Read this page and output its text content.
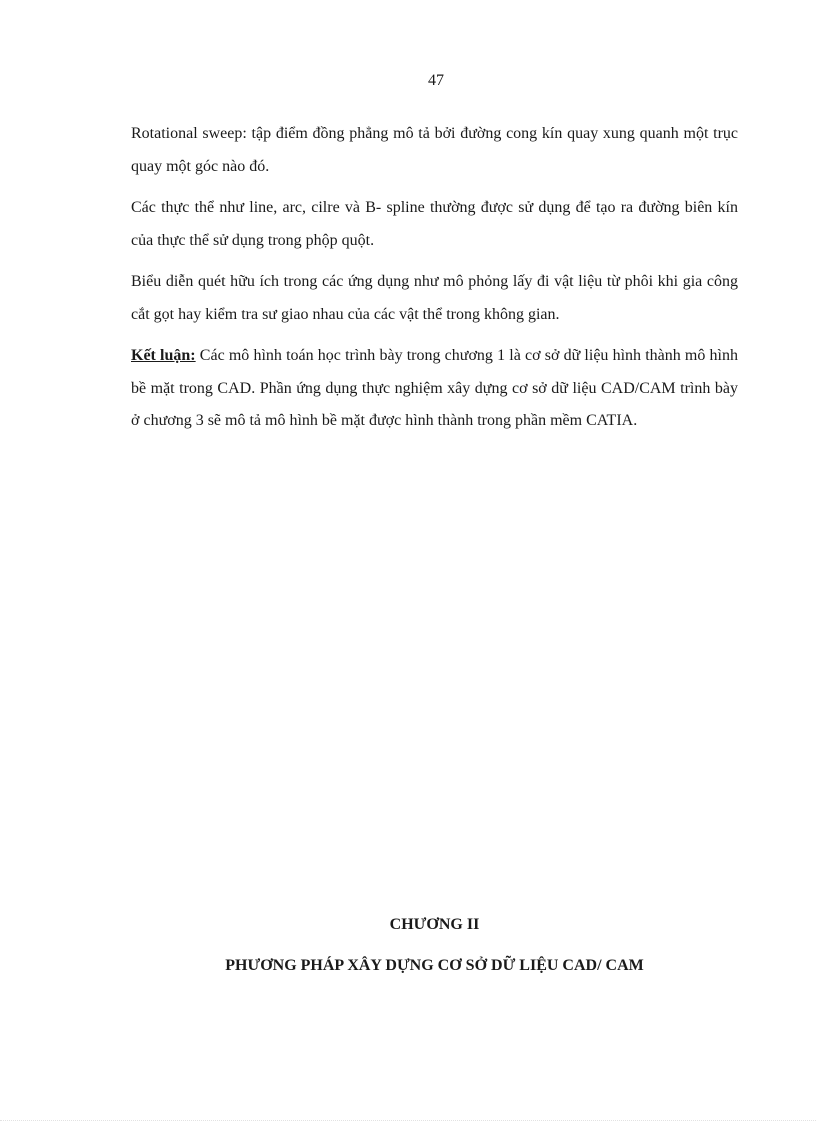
47

Rotational sweep: tập điểm đồng phẳng mô tả bởi đường cong kín quay xung quanh một trục quay một góc nào đó.

Các thực thể như line, arc, cilre và B- spline thường được sử dụng để tạo ra đường biên kín của thực thể sử dụng trong phộp quột.

Biểu diễn quét hữu ích trong các ứng dụng như mô phỏng lấy đi vật liệu từ phôi khi gia công cắt gọt hay kiểm tra sư giao nhau của các vật thể trong không gian.

Kết luận: Các mô hình toán học trình bày trong chương 1 là cơ sở dữ liệu hình thành mô hình bề mặt trong CAD. Phần ứng dụng thực nghiệm xây dựng cơ sở dữ liệu CAD/CAM trình bày ở chương 3 sẽ mô tả mô hình bề mặt được hình thành trong phần mềm CATIA.

CHƯƠNG II
PHƯƠNG PHÁP XÂY DỰNG CƠ SỞ DỮ LIỆU CAD/ CAM
